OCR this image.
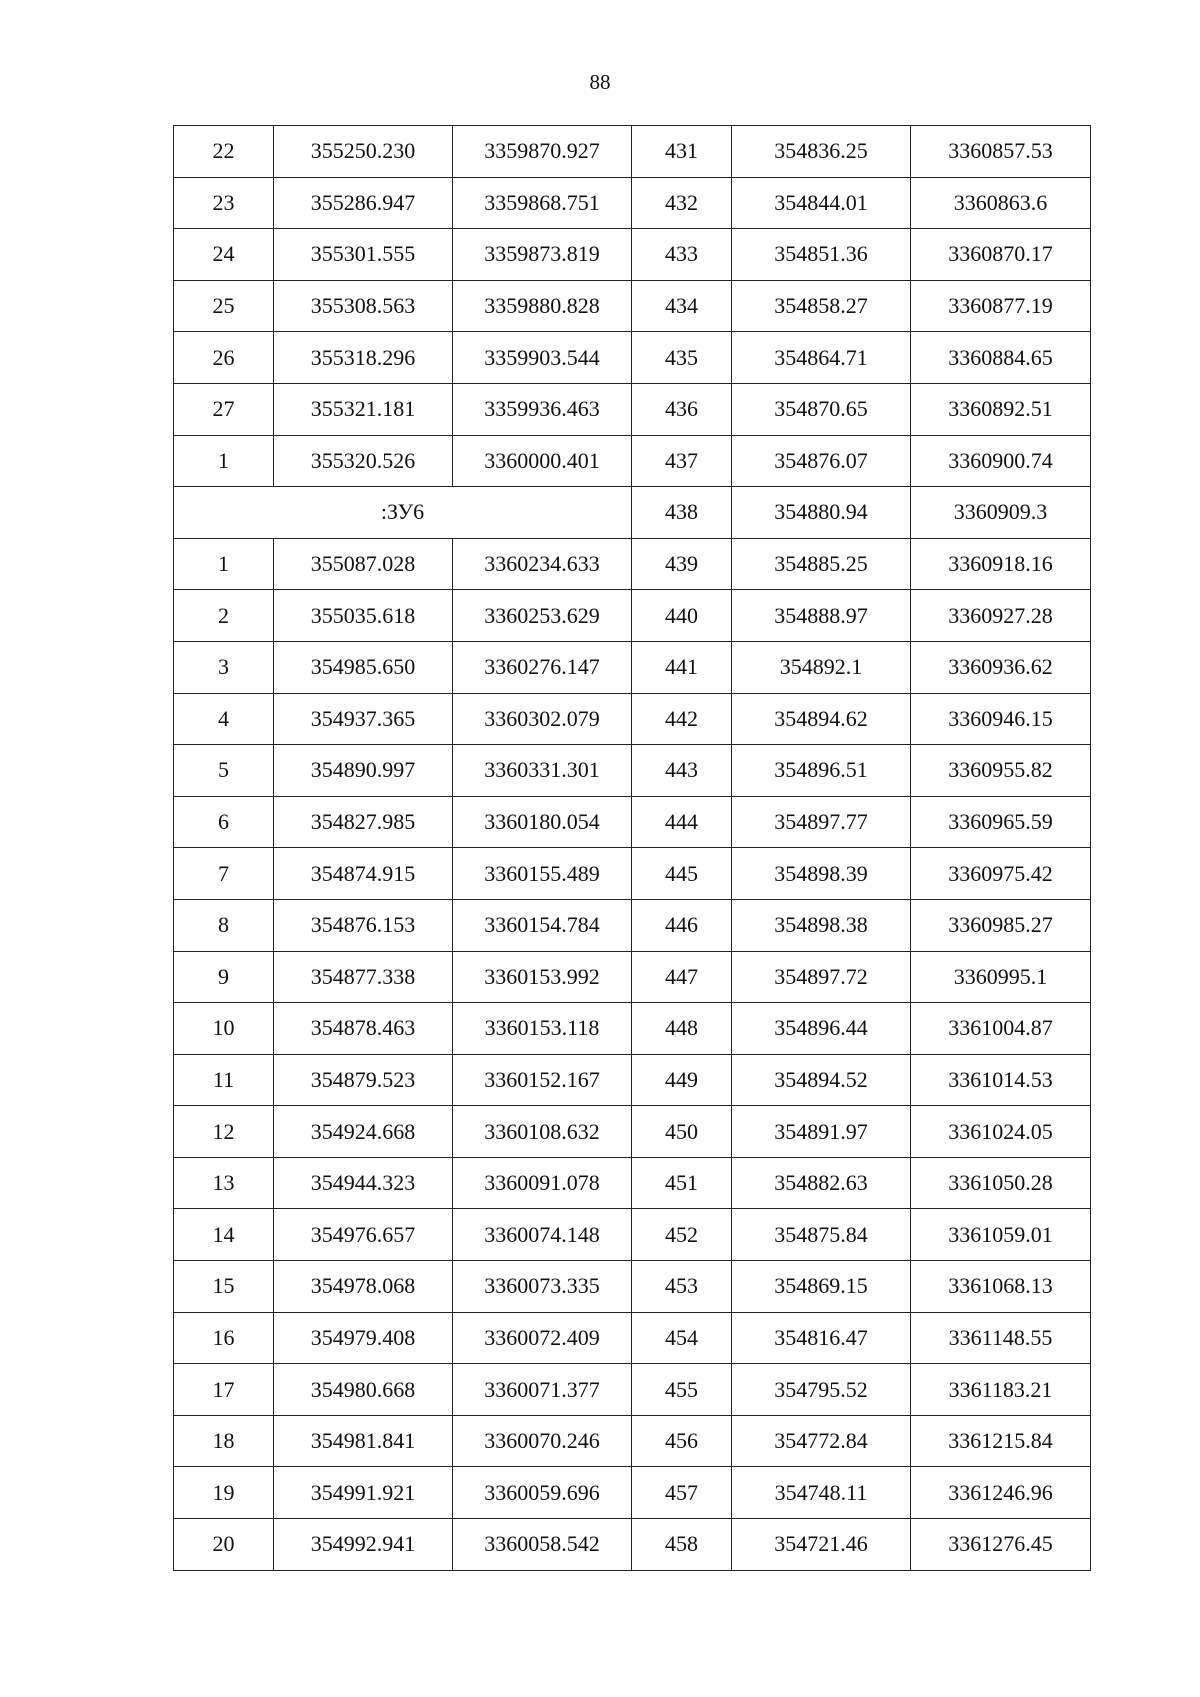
88
22	355250.230	3359870.927	431	354836.25	3360857.53
23	355286.947	3359868.751	432	354844.01	3360863.6
24	355301.555	3359873.819	433	354851.36	3360870.17
25	355308.563	3359880.828	434	354858.27	3360877.19
26	355318.296	3359903.544	435	354864.71	3360884.65
27	355321.181	3359936.463	436	354870.65	3360892.51
1	355320.526	3360000.401	437	354876.07	3360900.74
:ЗУ6			438	354880.94	3360909.3
1	355087.028	3360234.633	439	354885.25	3360918.16
2	355035.618	3360253.629	440	354888.97	3360927.28
3	354985.650	3360276.147	441	354892.1	3360936.62
4	354937.365	3360302.079	442	354894.62	3360946.15
5	354890.997	3360331.301	443	354896.51	3360955.82
6	354827.985	3360180.054	444	354897.77	3360965.59
7	354874.915	3360155.489	445	354898.39	3360975.42
8	354876.153	3360154.784	446	354898.38	3360985.27
9	354877.338	3360153.992	447	354897.72	3360995.1
10	354878.463	3360153.118	448	354896.44	3361004.87
11	354879.523	3360152.167	449	354894.52	3361014.53
12	354924.668	3360108.632	450	354891.97	3361024.05
13	354944.323	3360091.078	451	354882.63	3361050.28
14	354976.657	3360074.148	452	354875.84	3361059.01
15	354978.068	3360073.335	453	354869.15	3361068.13
16	354979.408	3360072.409	454	354816.47	3361148.55
17	354980.668	3360071.377	455	354795.52	3361183.21
18	354981.841	3360070.246	456	354772.84	3361215.84
19	354991.921	3360059.696	457	354748.11	3361246.96
20	354992.941	3360058.542	458	354721.46	3361276.45
